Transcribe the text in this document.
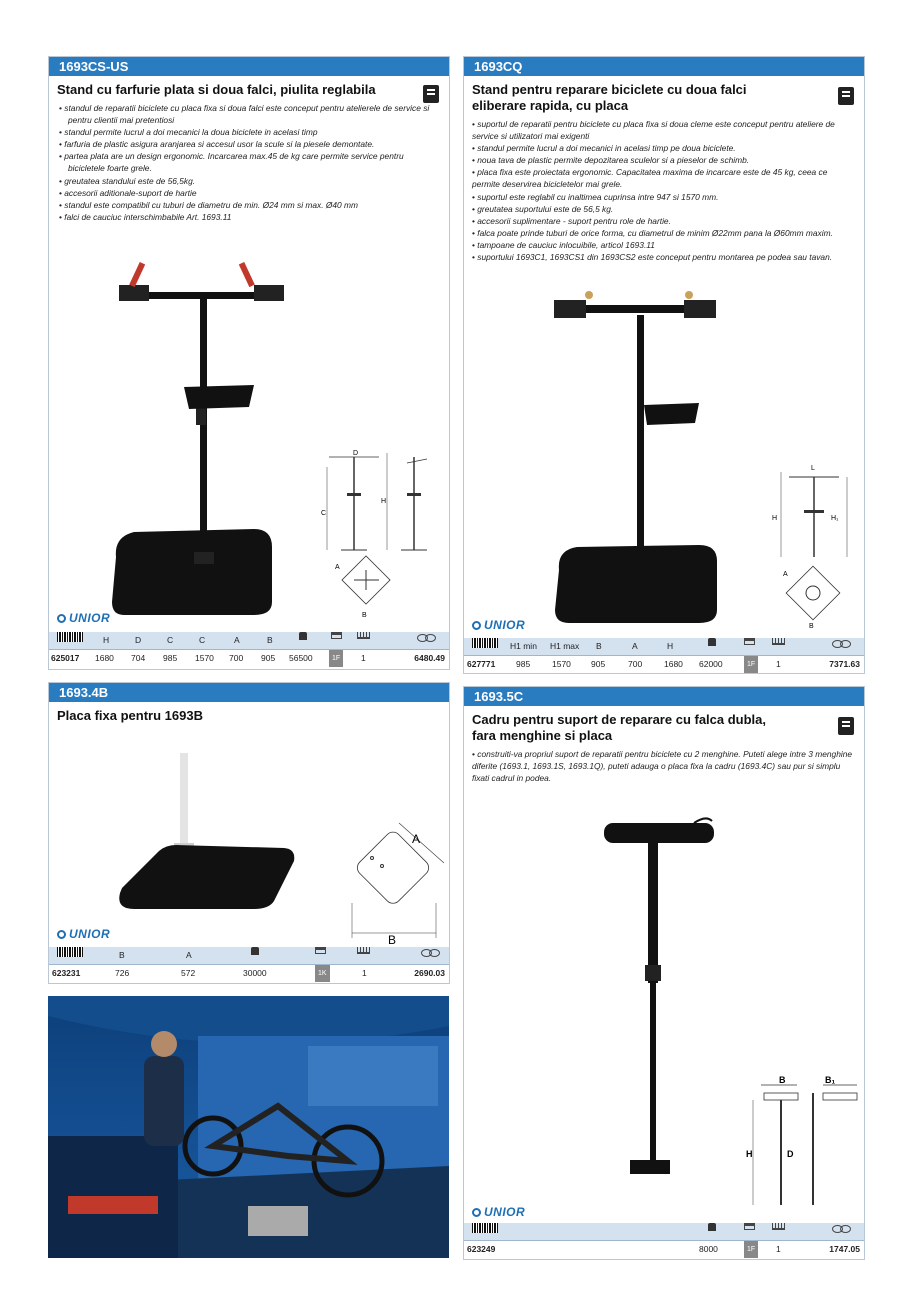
1693CS-US
Stand cu farfurie plata si doua falci, piulita reglabila
• standul de reparatii biciclete cu placa fixa si doua falci este conceput pentru atelierele de service si pentru clientii mai pretentiosi
• standul permite lucrul a doi mecanici la doua biciclete in acelasi timp
• farfuria de plastic asigura aranjarea si accesul usor la scule si la piesele demontate.
• partea plata are un design ergonomic. Incarcarea max.45 de kg care permite service pentru bicicletele foarte grele.
• greutatea standului este de 56,5kg.
• accesorii aditionale-suport de hartie
• standul este compatibil cu tuburi de diametru de min. Ø24 mm si max. Ø40 mm
• falci de cauciuc interschimbabile Art. 1693.11
D
C
H
A
B
UNIOR
H	D	C	C	A	B
625017 1680 704 985 1570 700 905 56500	1F	1	6480.49
1693CQ
Stand pentru reparare biciclete cu doua falci eliberare rapida, cu placa
• suportul de reparatii pentru biciclete cu placa fixa si doua cleme este conceput pentru ateliere de service si utilizatori mai exigenti
• standul permite lucrul a doi mecanici in acelasi timp pe doua biciclete.
• noua tava de plastic permite depozitarea sculelor si a pieselor de schimb.
• placa fixa este proiectata ergonomic. Capacitatea maxima de incarcare este de 45 kg, ceea ce permite deservirea bicicletelor mai grele.
• suportul este reglabil cu inaltimea cuprinsa intre 947 si 1570 mm.
• greutatea suportului este de 56,5 kg.
• accesorii suplimentare - suport pentru role de hartie.
• falca poate prinde tuburi de orice forma, cu diametrul de minim Ø22mm pana la Ø60mm maxim.
• tampoane de cauciuc inlocuibile, articol 1693.11
• suportului 1693C1, 1693CS1 din 1693CS2 este conceput pentru montarea pe podea sau tavan.
L
H	H₁
A
B
UNIOR
H1 min H1 max B	A	H
627771 985	1570 905	700	1680 62000	1F	1	7371.63
1693.4B
Placa fixa pentru 1693B
A
B
UNIOR
B	A
623231	726	572	30000	1K	1	2690.03
1693.5C
Cadru pentru suport de reparare cu falca dubla, fara menghine si placa
• construiti-va propriul suport de reparatii pentru biciclete cu 2 menghine. Puteti alege intre 3 menghine diferite (1693.1, 1693.1S, 1693.1Q), puteti adauga o placa fixa la cadru (1693.4C) sau pur si simplu fixati cadrul in podea.
B	B₁
H	D
UNIOR
623249	8000	1F	1	1747.05
